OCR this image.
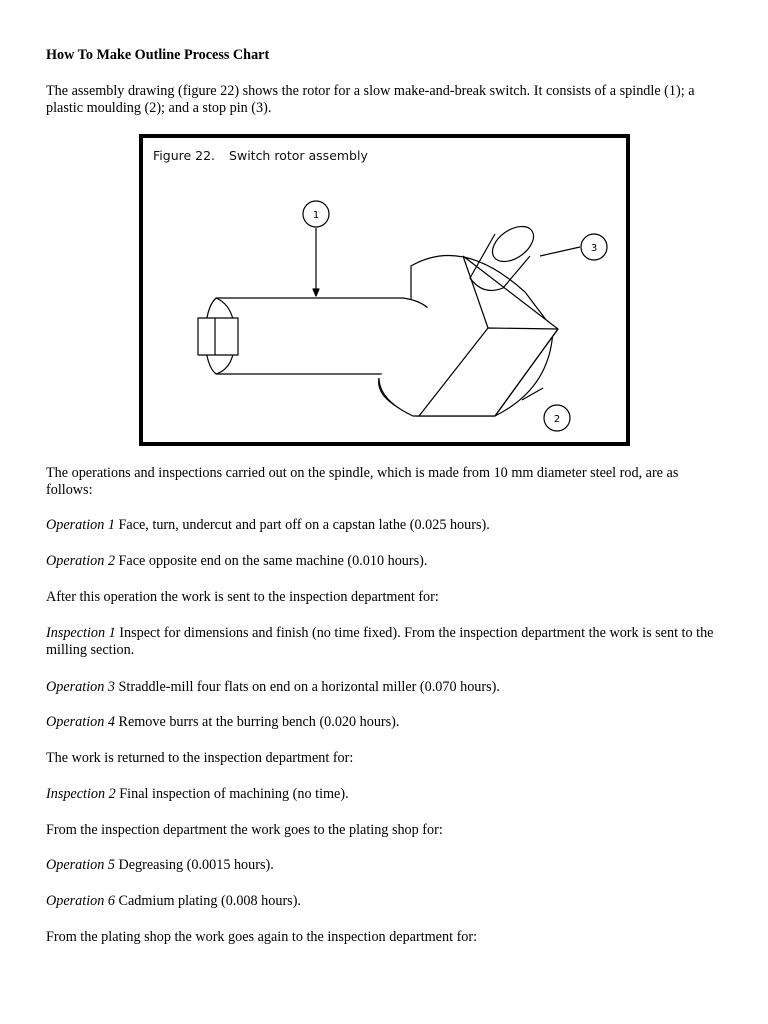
How To Make Outline Process Chart

The assembly drawing (figure 22) shows the rotor for a slow make-and-break switch. It consists of a spindle (1); a plastic moulding (2); and a stop pin (3).

Figure 22. Switch rotor assembly
1
3
2

The operations and inspections carried out on the spindle, which is made from 10 mm diameter steel rod, are as follows:

Operation 1 Face, turn, undercut and part off on a capstan lathe (0.025 hours).

Operation 2 Face opposite end on the same machine (0.010 hours).

After this operation the work is sent to the inspection department for:

Inspection 1 Inspect for dimensions and finish (no time fixed). From the inspection department the work is sent to the milling section.

Operation 3 Straddle-mill four flats on end on a horizontal miller (0.070 hours).

Operation 4 Remove burrs at the burring bench (0.020 hours).

The work is returned to the inspection department for:

Inspection 2 Final inspection of machining (no time).

From the inspection department the work goes to the plating shop for:

Operation 5 Degreasing (0.0015 hours).

Operation 6 Cadmium plating (0.008 hours).

From the plating shop the work goes again to the inspection department for:
